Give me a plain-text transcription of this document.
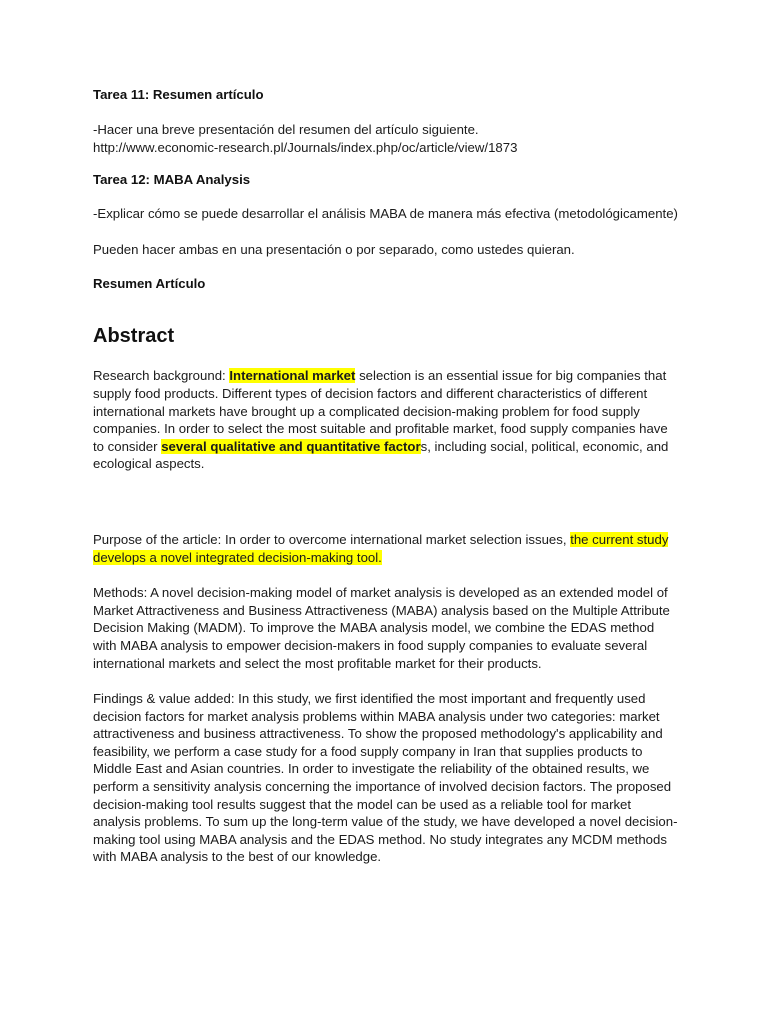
Tarea 11: Resumen artículo

-Hacer una breve presentación del resumen del artículo siguiente.
http://www.economic-research.pl/Journals/index.php/oc/article/view/1873

Tarea 12: MABA Analysis

-Explicar cómo se puede desarrollar el análisis MABA de manera más efectiva (metodológicamente)

Pueden hacer ambas en una presentación o por separado, como ustedes quieran.

Resumen Artículo

Abstract

Research background: International market selection is an essential issue for big companies that supply food products. Different types of decision factors and different characteristics of different international markets have brought up a complicated decision-making problem for food supply companies. In order to select the most suitable and profitable market, food supply companies have to consider several qualitative and quantitative factors, including social, political, economic, and ecological aspects.

Purpose of the article: In order to overcome international market selection issues, the current study develops a novel integrated decision-making tool.

Methods: A novel decision-making model of market analysis is developed as an extended model of Market Attractiveness and Business Attractiveness (MABA) analysis based on the Multiple Attribute Decision Making (MADM). To improve the MABA analysis model, we combine the EDAS method with MABA analysis to empower decision-makers in food supply companies to evaluate several international markets and select the most profitable market for their products.

Findings & value added: In this study, we first identified the most important and frequently used decision factors for market analysis problems within MABA analysis under two categories: market attractiveness and business attractiveness. To show the proposed methodology's applicability and feasibility, we perform a case study for a food supply company in Iran that supplies products to Middle East and Asian countries. In order to investigate the reliability of the obtained results, we perform a sensitivity analysis concerning the importance of involved decision factors. The proposed decision-making tool results suggest that the model can be used as a reliable tool for market analysis problems. To sum up the long-term value of the study, we have developed a novel decision-making tool using MABA analysis and the EDAS method. No study integrates any MCDM methods with MABA analysis to the best of our knowledge.
